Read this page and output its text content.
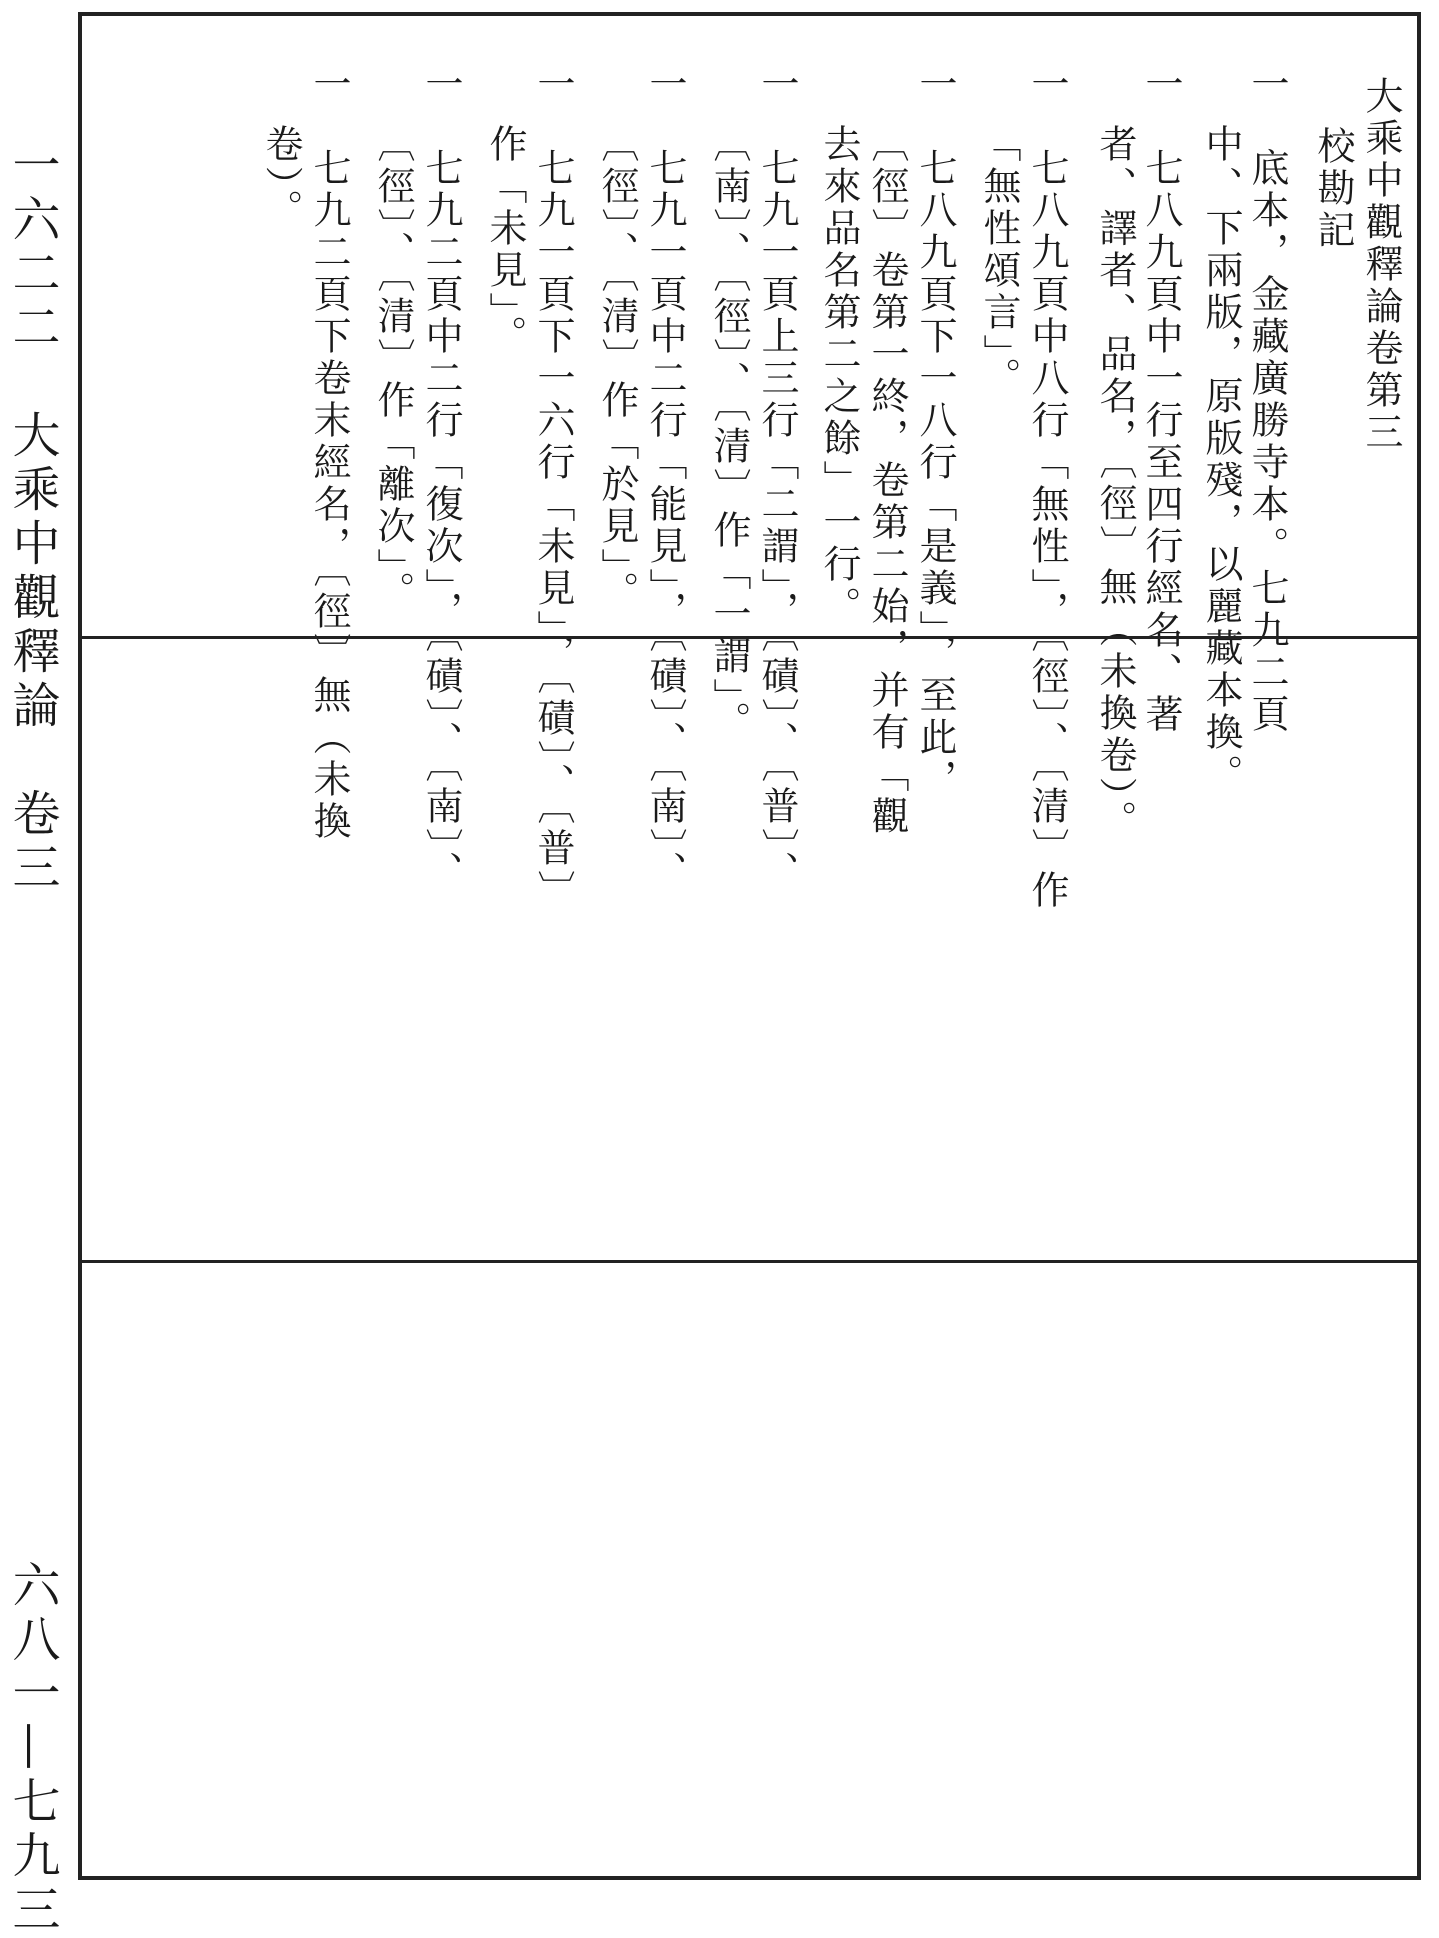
一六二二　大乘中觀釋論　卷三
六八一—七九三
大乘中觀釋論卷第三
校勘記
一　底本，金藏廣勝寺本。七九二頁
中、下兩版，原版殘，以麗藏本換。
一　七八九頁中一行至四行經名、著
者、譯者、品名，〔徑〕無（未換卷）。
一　七八九頁中八行「無性」，〔徑〕、〔清〕作
「無性頌言」。
一　七八九頁下一八行「是義」，至此，
〔徑〕卷第一終，卷第二始，并有「觀
去來品名第二之餘」一行。
一　七九一頁上三行「二謂」，〔磧〕、〔普〕、
〔南〕、〔徑〕、〔清〕作「一謂」。
一　七九一頁中二行「能見」，〔磧〕、〔南〕、
〔徑〕、〔清〕作「於見」。
一　七九一頁下一六行「未見」，〔磧〕、〔普〕
作「未見」。
一　七九二頁中二行「復次」，〔磧〕、〔南〕、
〔徑〕、〔清〕作「離次」。
一　七九二頁下卷末經名，〔徑〕無（未換
卷）。
